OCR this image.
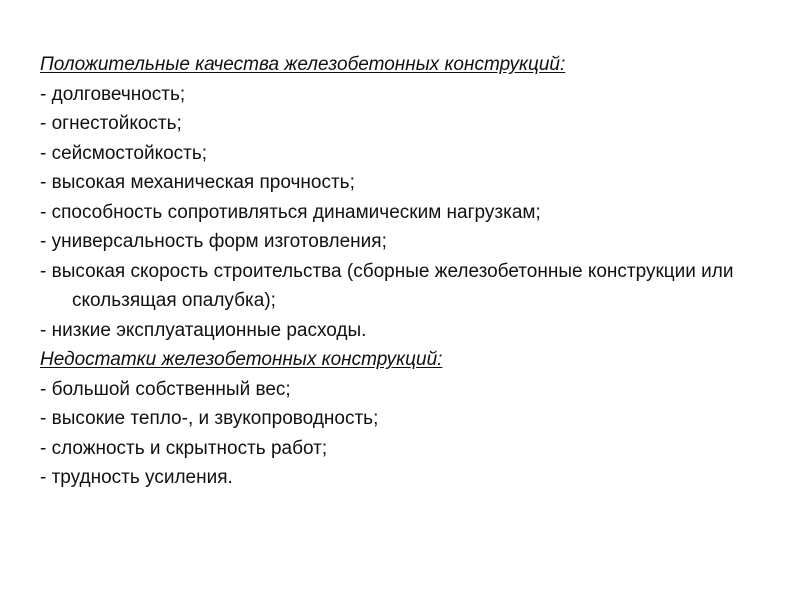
Положительные качества железобетонных конструкций:

- долговечность;

- огнестойкость;

- сейсмостойкость;

- высокая механическая прочность;

- способность сопротивляться динамическим нагрузкам;

- универсальность форм изготовления;

- высокая скорость строительства (сборные железобетонные конструкции или скользящая опалубка);

- низкие эксплуатационные расходы.

Недостатки железобетонных конструкций:

- большой собственный вес;

- высокие тепло-, и звукопроводность;

- сложность и скрытность работ;

- трудность усиления.
